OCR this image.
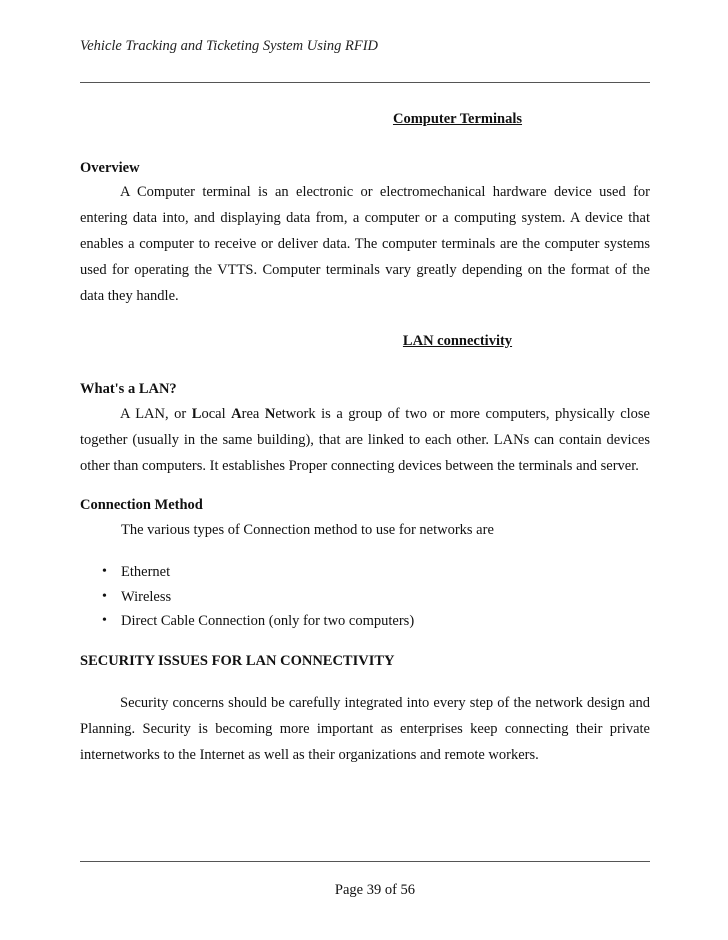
Vehicle Tracking and Ticketing System Using RFID
Computer Terminals
Overview

A Computer terminal is an electronic or electromechanical hardware device used for entering data into, and displaying data from, a computer or a computing system. A device that enables a computer to receive or deliver data. The computer terminals are the computer systems used for operating the VTTS. Computer terminals vary greatly depending on the format of the data they handle.

LAN connectivity
What's a LAN?

A LAN, or Local Area Network is a group of two or more computers, physically close together (usually in the same building), that are linked to each other. LANs can contain devices other than computers. It establishes Proper connecting devices between the terminals and server.

Connection Method
The various types of Connection method to use for networks are
• Ethernet
• Wireless
• Direct Cable Connection (only for two computers)
SECURITY ISSUES FOR LAN CONNECTIVITY

Security concerns should be carefully integrated into every step of the network design and Planning. Security is becoming more important as enterprises keep connecting their private internetworks to the Internet as well as their organizations and remote workers.

Page 39 of 56
